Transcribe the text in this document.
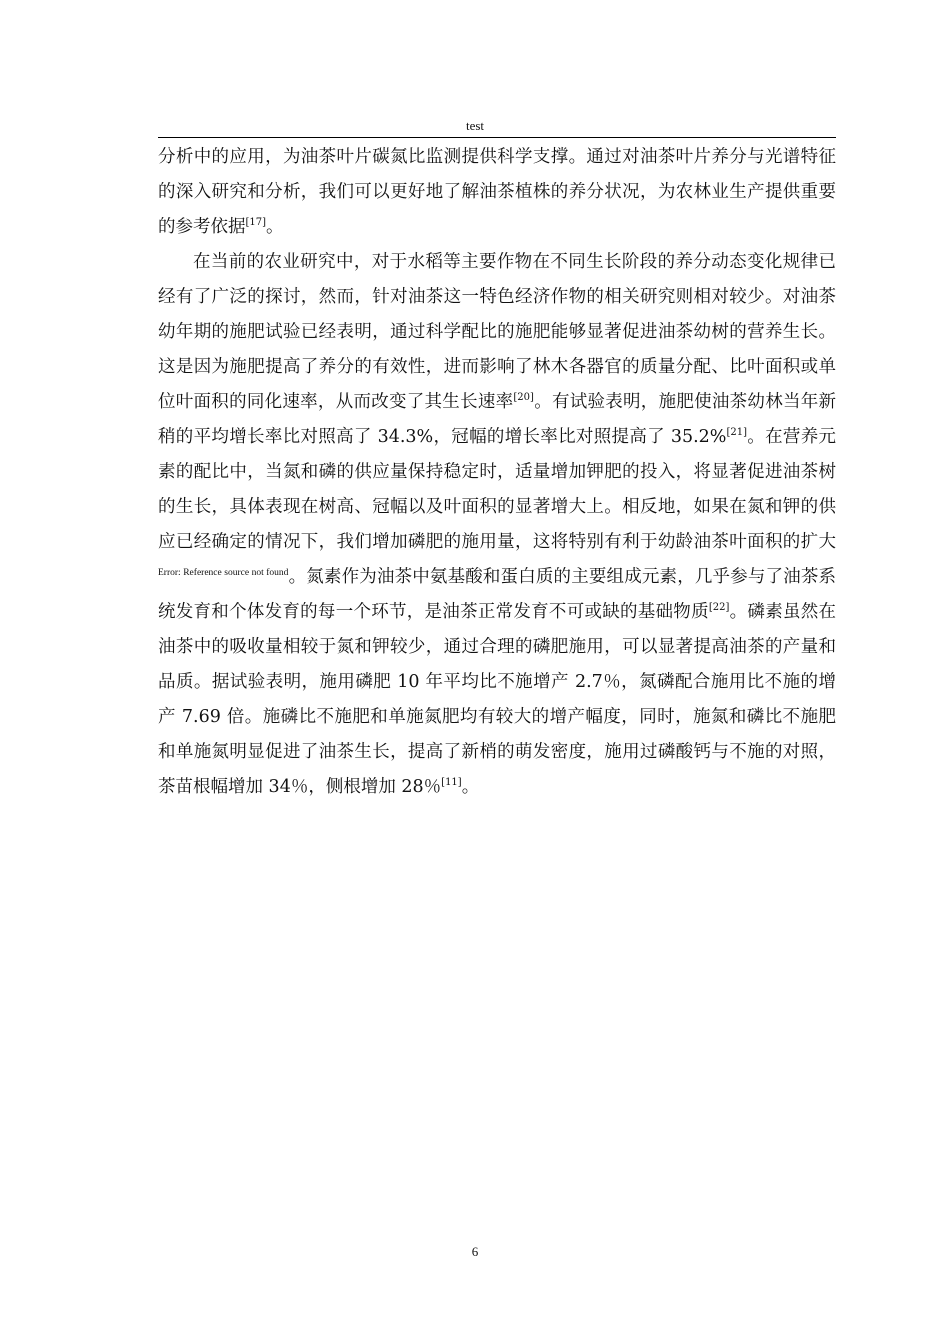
test

分析中的应用，为油茶叶片碳氮比监测提供科学支撑。通过对油茶叶片养分与光谱特征的深入研究和分析，我们可以更好地了解油茶植株的养分状况，为农林业生产提供重要的参考依据[17]。

在当前的农业研究中，对于水稻等主要作物在不同生长阶段的养分动态变化规律已经有了广泛的探讨，然而，针对油茶这一特色经济作物的相关研究则相对较少。对油茶幼年期的施肥试验已经表明，通过科学配比的施肥能够显著促进油茶幼树的营养生长。这是因为施肥提高了养分的有效性，进而影响了林木各器官的质量分配、比叶面积或单位叶面积的同化速率，从而改变了其生长速率[20]。有试验表明，施肥使油茶幼林当年新稍的平均增长率比对照高了 34.3%，冠幅的增长率比对照提高了 35.2%[21]。在营养元素的配比中，当氮和磷的供应量保持稳定时，适量增加钾肥的投入，将显著促进油茶树的生长，具体表现在树高、冠幅以及叶面积的显著增大上。相反地，如果在氮和钾的供应已经确定的情况下，我们增加磷肥的施用量，这将特别有利于幼龄油茶叶面积的扩大$^{Error: Reference source not found}$。氮素作为油茶中氨基酸和蛋白质的主要组成元素，几乎参与了油茶系统发育和个体发育的每一个环节，是油茶正常发育不可或缺的基础物质[22]。磷素虽然在油茶中的吸收量相较于氮和钾较少，通过合理的磷肥施用，可以显著提高油茶的产量和品质。据试验表明，施用磷肥 10 年平均比不施增产 2.7％，氮磷配合施用比不施的增产 7.69 倍。施磷比不施肥和单施氮肥均有较大的增产幅度，同时，施氮和磷比不施肥和单施氮明显促进了油茶生长，提高了新梢的萌发密度，施用过磷酸钙与不施的对照，茶苗根幅增加 34％，侧根增加 28％[11]。

6
